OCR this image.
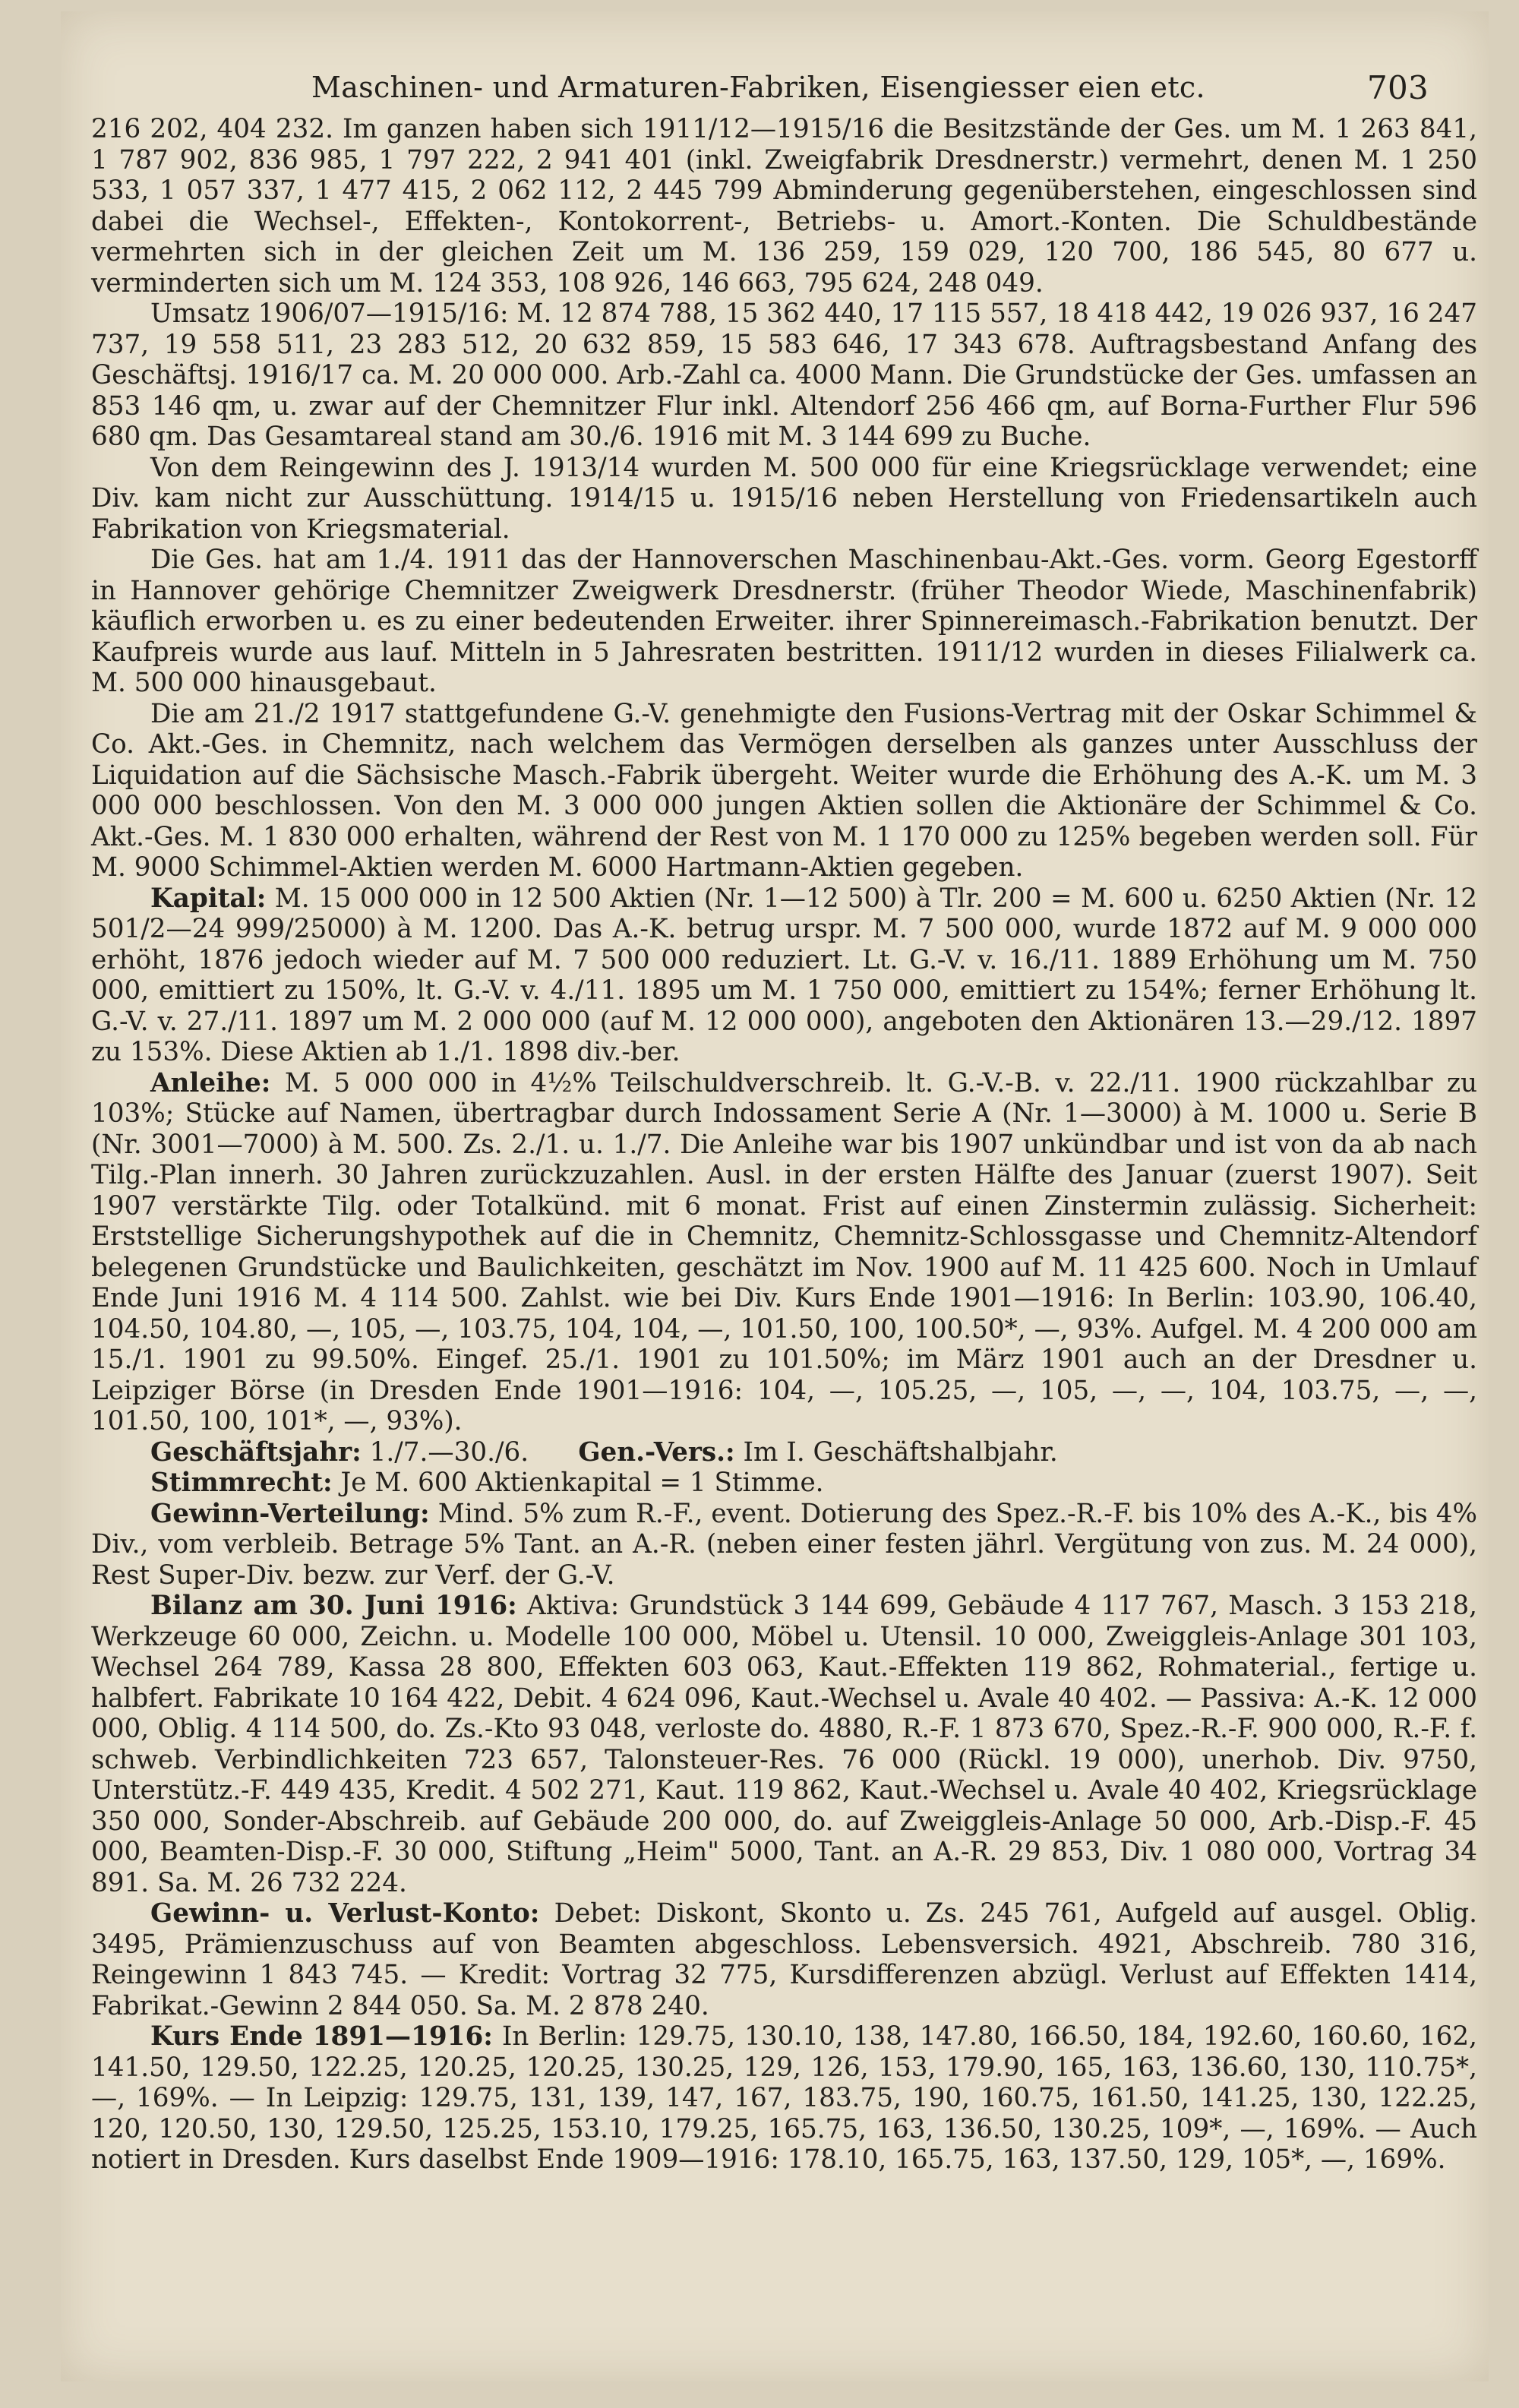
Maschinen- und Armaturen-Fabriken, Eisengiesser eien etc.	703

216 202, 404 232. Im ganzen haben sich 1911/12—1915/16 die Besitzstände der Ges. um M. 1 263 841, 1 787 902, 836 985, 1 797 222, 2 941 401 (inkl. Zweigfabrik Dresdnerstr.) vermehrt, denen M. 1 250 533, 1 057 337, 1 477 415, 2 062 112, 2 445 799 Abminderung gegenüberstehen, eingeschlossen sind dabei die Wechsel-, Effekten-, Kontokorrent-, Betriebs- u. Amort.-Konten. Die Schuldbestände vermehrten sich in der gleichen Zeit um M. 136 259, 159 029, 120 700, 186 545, 80 677 u. verminderten sich um M. 124 353, 108 926, 146 663, 795 624, 248 049.

Umsatz 1906/07—1915/16: M. 12 874 788, 15 362 440, 17 115 557, 18 418 442, 19 026 937, 16 247 737, 19 558 511, 23 283 512, 20 632 859, 15 583 646, 17 343 678. Auftragsbestand Anfang des Geschäftsj. 1916/17 ca. M. 20 000 000. Arb.-Zahl ca. 4000 Mann. Die Grundstücke der Ges. umfassen an 853 146 qm, u. zwar auf der Chemnitzer Flur inkl. Altendorf 256 466 qm, auf Borna-Further Flur 596 680 qm. Das Gesamtareal stand am 30./6. 1916 mit M. 3 144 699 zu Buche.

Von dem Reingewinn des J. 1913/14 wurden M. 500 000 für eine Kriegsrücklage verwendet; eine Div. kam nicht zur Ausschüttung. 1914/15 u. 1915/16 neben Herstellung von Friedensartikeln auch Fabrikation von Kriegsmaterial.

Die Ges. hat am 1./4. 1911 das der Hannoverschen Maschinenbau-Akt.-Ges. vorm. Georg Egestorff in Hannover gehörige Chemnitzer Zweigwerk Dresdnerstr. (früher Theodor Wiede, Maschinenfabrik) käuflich erworben u. es zu einer bedeutenden Erweiter. ihrer Spinnereimasch.-Fabrikation benutzt. Der Kaufpreis wurde aus lauf. Mitteln in 5 Jahresraten bestritten. 1911/12 wurden in dieses Filialwerk ca. M. 500 000 hinausgebaut.

Die am 21./2 1917 stattgefundene G.-V. genehmigte den Fusions-Vertrag mit der Oskar Schimmel & Co. Akt.-Ges. in Chemnitz, nach welchem das Vermögen derselben als ganzes unter Ausschluss der Liquidation auf die Sächsische Masch.-Fabrik übergeht. Weiter wurde die Erhöhung des A.-K. um M. 3 000 000 beschlossen. Von den M. 3 000 000 jungen Aktien sollen die Aktionäre der Schimmel & Co. Akt.-Ges. M. 1 830 000 erhalten, während der Rest von M. 1 170 000 zu 125% begeben werden soll. Für M. 9000 Schimmel-Aktien werden M. 6000 Hartmann-Aktien gegeben.

Kapital: M. 15 000 000 in 12 500 Aktien (Nr. 1—12 500) à Tlr. 200 = M. 600 u. 6250 Aktien (Nr. 12 501/2—24 999/25000) à M. 1200. Das A.-K. betrug urspr. M. 7 500 000, wurde 1872 auf M. 9 000 000 erhöht, 1876 jedoch wieder auf M. 7 500 000 reduziert. Lt. G.-V. v. 16./11. 1889 Erhöhung um M. 750 000, emittiert zu 150%, lt. G.-V. v. 4./11. 1895 um M. 1 750 000, emittiert zu 154%; ferner Erhöhung lt. G.-V. v. 27./11. 1897 um M. 2 000 000 (auf M. 12 000 000), angeboten den Aktionären 13.—29./12. 1897 zu 153%. Diese Aktien ab 1./1. 1898 div.-ber.

Anleihe: M. 5 000 000 in 4½% Teilschuldverschreib. lt. G.-V.-B. v. 22./11. 1900 rückzahlbar zu 103%; Stücke auf Namen, übertragbar durch Indossament Serie A (Nr. 1—3000) à M. 1000 u. Serie B (Nr. 3001—7000) à M. 500. Zs. 2./1. u. 1./7. Die Anleihe war bis 1907 unkündbar und ist von da ab nach Tilg.-Plan innerh. 30 Jahren zurückzuzahlen. Ausl. in der ersten Hälfte des Januar (zuerst 1907). Seit 1907 verstärkte Tilg. oder Totalkünd. mit 6 monat. Frist auf einen Zinstermin zulässig. Sicherheit: Erststellige Sicherungshypothek auf die in Chemnitz, Chemnitz-Schlossgasse und Chemnitz-Altendorf belegenen Grundstücke und Baulichkeiten, geschätzt im Nov. 1900 auf M. 11 425 600. Noch in Umlauf Ende Juni 1916 M. 4 114 500. Zahlst. wie bei Div. Kurs Ende 1901—1916: In Berlin: 103.90, 106.40, 104.50, 104.80, —, 105, —, 103.75, 104, 104, —, 101.50, 100, 100.50*, —, 93%. Aufgel. M. 4 200 000 am 15./1. 1901 zu 99.50%. Eingef. 25./1. 1901 zu 101.50%; im März 1901 auch an der Dresdner u. Leipziger Börse (in Dresden Ende 1901—1916: 104, —, 105.25, —, 105, —, —, 104, 103.75, —, —, 101.50, 100, 101*, —, 93%).

Geschäftsjahr: 1./7.—30./6. Gen.-Vers.: Im I. Geschäftshalbjahr.

Stimmrecht: Je M. 600 Aktienkapital = 1 Stimme.

Gewinn-Verteilung: Mind. 5% zum R.-F., event. Dotierung des Spez.-R.-F. bis 10% des A.-K., bis 4% Div., vom verbleib. Betrage 5% Tant. an A.-R. (neben einer festen jährl. Vergütung von zus. M. 24 000), Rest Super-Div. bezw. zur Verf. der G.-V.

Bilanz am 30. Juni 1916: Aktiva: Grundstück 3 144 699, Gebäude 4 117 767, Masch. 3 153 218, Werkzeuge 60 000, Zeichn. u. Modelle 100 000, Möbel u. Utensil. 10 000, Zweiggleis-Anlage 301 103, Wechsel 264 789, Kassa 28 800, Effekten 603 063, Kaut.-Effekten 119 862, Rohmaterial., fertige u. halbfert. Fabrikate 10 164 422, Debit. 4 624 096, Kaut.-Wechsel u. Avale 40 402. — Passiva: A.-K. 12 000 000, Oblig. 4 114 500, do. Zs.-Kto 93 048, verloste do. 4880, R.-F. 1 873 670, Spez.-R.-F. 900 000, R.-F. f. schweb. Verbindlichkeiten 723 657, Talonsteuer-Res. 76 000 (Rückl. 19 000), unerhob. Div. 9750, Unterstütz.-F. 449 435, Kredit. 4 502 271, Kaut. 119 862, Kaut.-Wechsel u. Avale 40 402, Kriegsrücklage 350 000, Sonder-Abschreib. auf Gebäude 200 000, do. auf Zweiggleis-Anlage 50 000, Arb.-Disp.-F. 45 000, Beamten-Disp.-F. 30 000, Stiftung „Heim" 5000, Tant. an A.-R. 29 853, Div. 1 080 000, Vortrag 34 891. Sa. M. 26 732 224.

Gewinn- u. Verlust-Konto: Debet: Diskont, Skonto u. Zs. 245 761, Aufgeld auf ausgel. Oblig. 3495, Prämienzuschuss auf von Beamten abgeschloss. Lebensversich. 4921, Abschreib. 780 316, Reingewinn 1 843 745. — Kredit: Vortrag 32 775, Kursdifferenzen abzügl. Verlust auf Effekten 1414, Fabrikat.-Gewinn 2 844 050. Sa. M. 2 878 240.

Kurs Ende 1891—1916: In Berlin: 129.75, 130.10, 138, 147.80, 166.50, 184, 192.60, 160.60, 162, 141.50, 129.50, 122.25, 120.25, 120.25, 130.25, 129, 126, 153, 179.90, 165, 163, 136.60, 130, 110.75*, —, 169%. — In Leipzig: 129.75, 131, 139, 147, 167, 183.75, 190, 160.75, 161.50, 141.25, 130, 122.25, 120, 120.50, 130, 129.50, 125.25, 153.10, 179.25, 165.75, 163, 136.50, 130.25, 109*, —, 169%. — Auch notiert in Dresden. Kurs daselbst Ende 1909—1916: 178.10, 165.75, 163, 137.50, 129, 105*, —, 169%.
